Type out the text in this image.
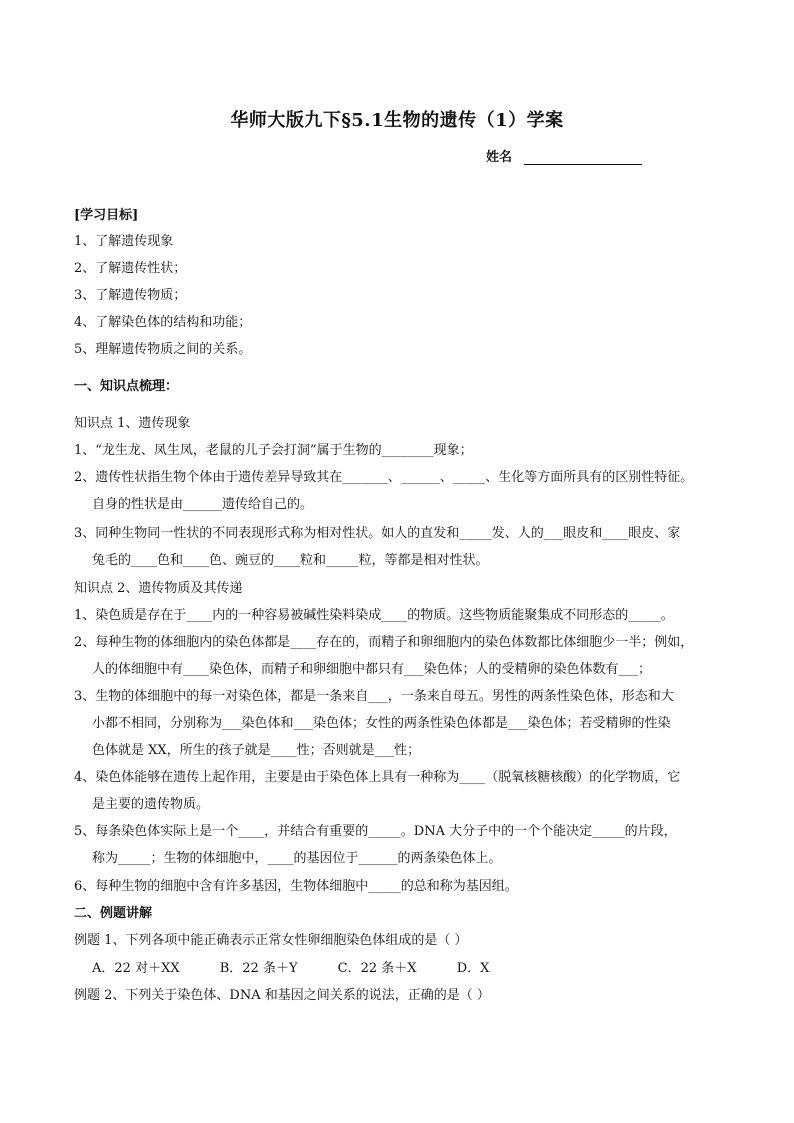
华师大版九下§5.1生物的遗传（1）学案
姓名
[学习目标]
1、了解遗传现象
2、了解遗传性状；
3、了解遗传物质；
4、了解染色体的结构和功能；
5、理解遗传物质之间的关系。
一、知识点梳理：
知识点 1、遗传现象
1、“龙生龙、凤生凤，老鼠的儿子会打洞”属于生物的________现象；
2、遗传性状指生物个体由于遗传差异导致其在_______、______、_____、生化等方面所具有的区别性特征。
自身的性状是由______遗传给自己的。
3、同种生物同一性状的不同表现形式称为相对性状。如人的直发和_____发、人的___眼皮和____眼皮、家
兔毛的____色和____色、豌豆的____粒和_____粒，等都是相对性状。
知识点 2、遗传物质及其传递
1、染色质是存在于____内的一种容易被碱性染料染成____的物质。这些物质能聚集成不同形态的_____。
2、每种生物的体细胞内的染色体都是____存在的，而精子和卵细胞内的染色体数都比体细胞少一半；例如，
人的体细胞中有____染色体，而精子和卵细胞中都只有___染色体；人的受精卵的染色体数有___；
3、生物的体细胞中的每一对染色体，都是一条来自___，一条来自母五。男性的两条性染色体，形态和大
小都不相同，分别称为___染色体和___染色体；女性的两条性染色体都是___染色体；若受精卵的性染
色体就是 XX，所生的孩子就是____性；否则就是___性；
4、染色体能够在遗传上起作用，主要是由于染色体上具有一种称为____（脱氧核糖核酸）的化学物质，它
是主要的遗传物质。
5、每条染色体实际上是一个____，并结合有重要的_____。DNA 大分子中的一个个能决定_____的片段，
称为_____；生物的体细胞中，____的基因位于______的两条染色体上。
6、每种生物的细胞中含有许多基因，生物体细胞中_____的总和称为基因组。
二、例题讲解
例题 1、下列各项中能正确表示正常女性卵细胞染色体组成的是（ ）
A．22 对＋XX	B．22 条＋Y	C．22 条＋X	D．X
例题 2、下列关于染色体、DNA 和基因之间关系的说法，正确的是（ ）
